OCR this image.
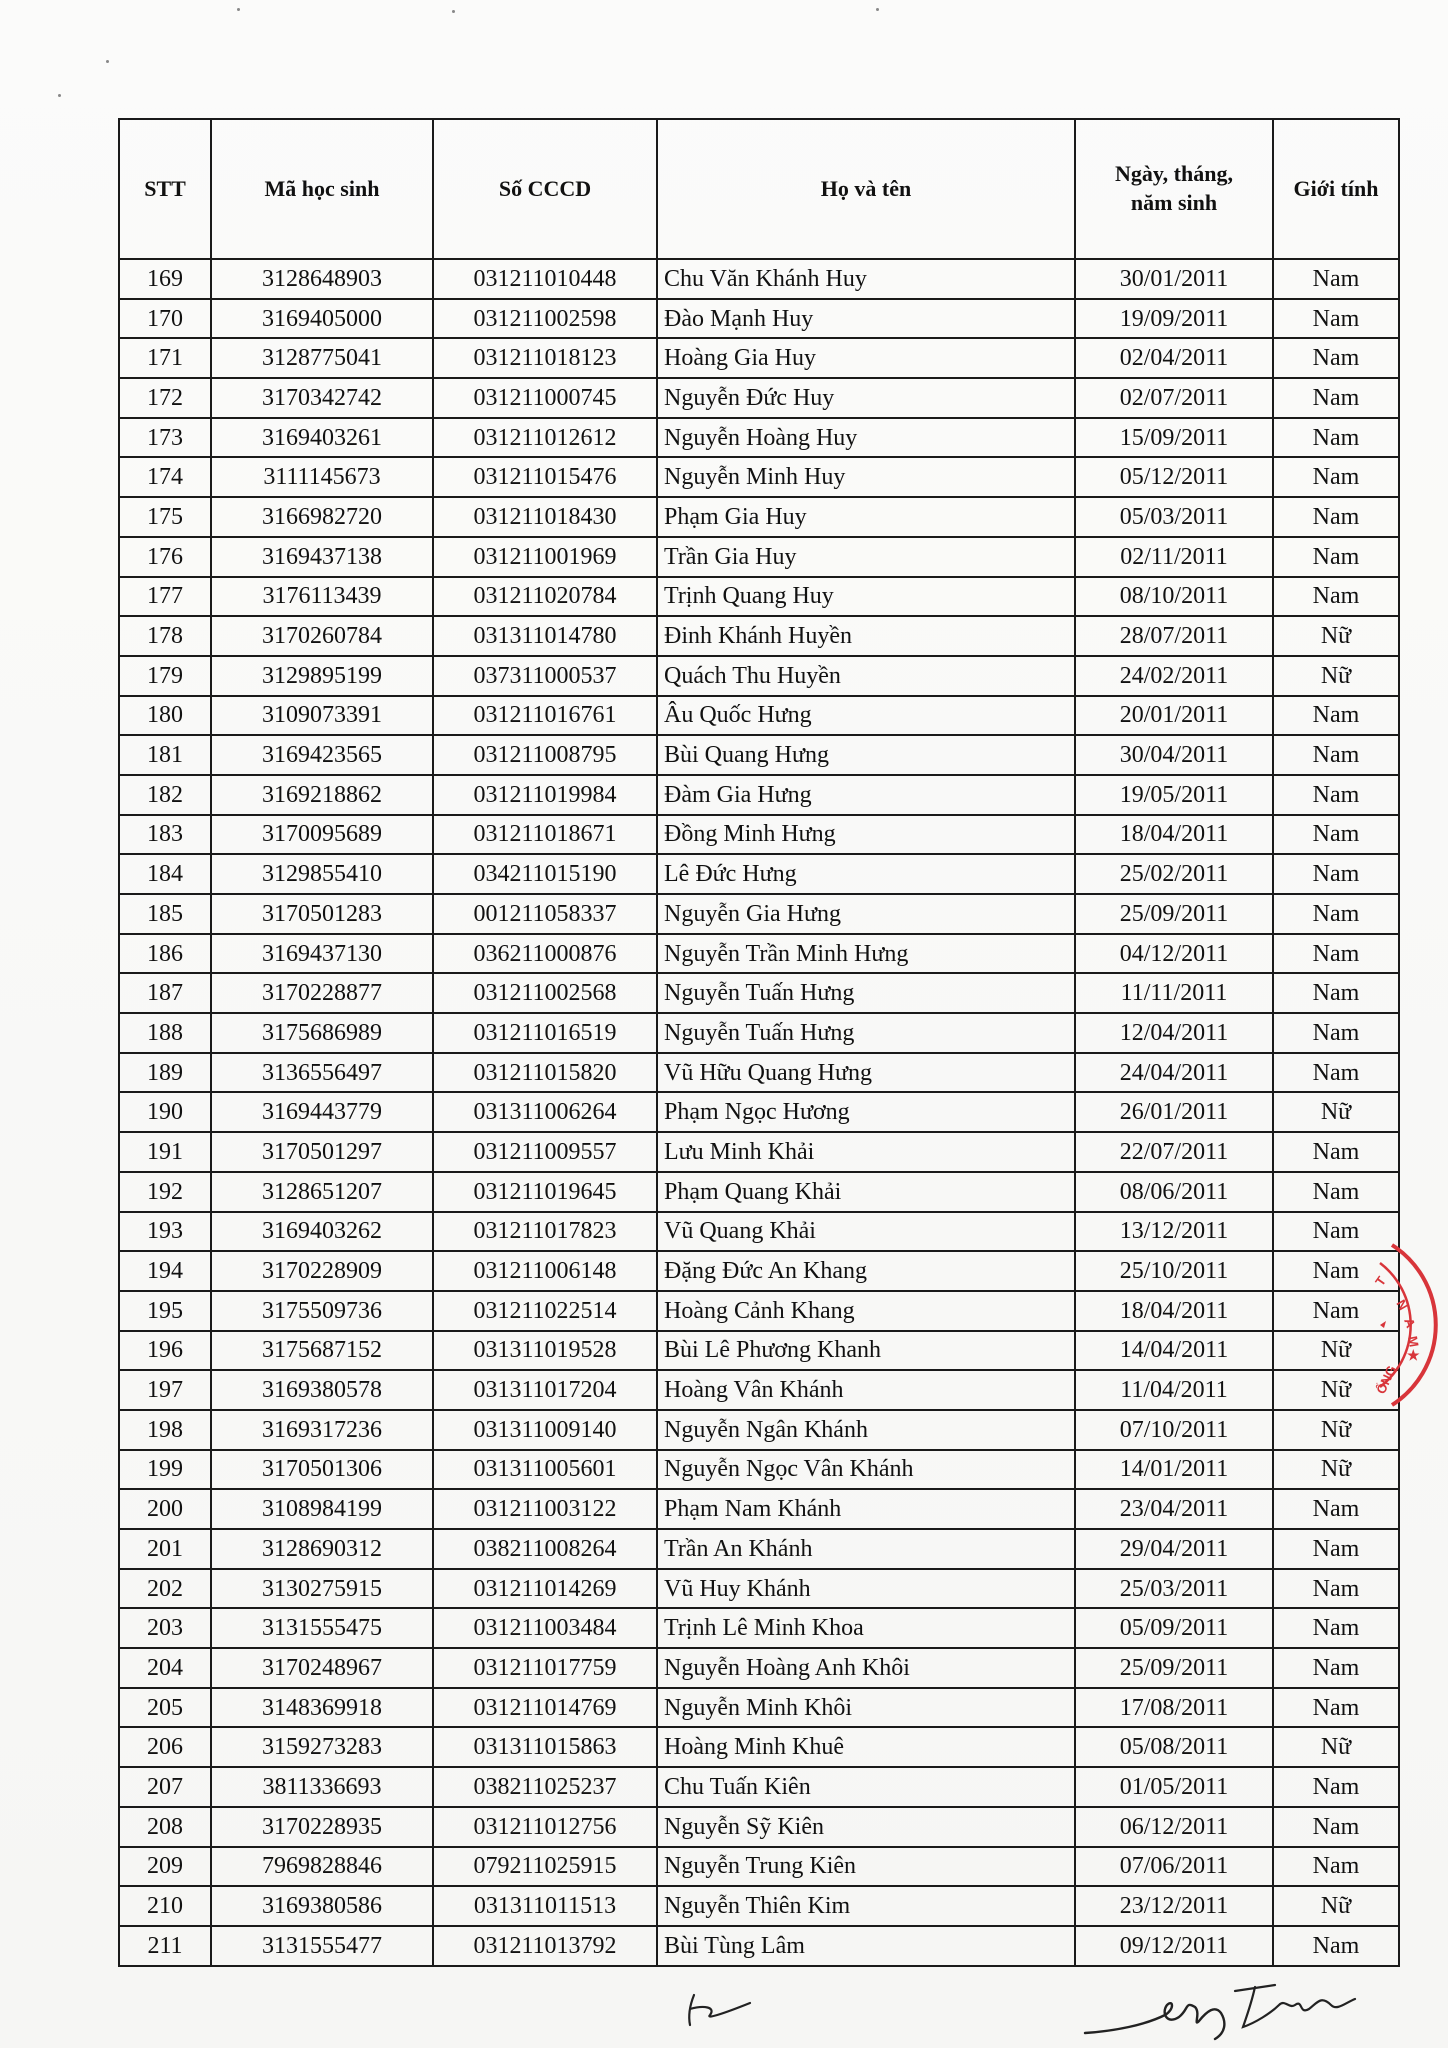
STT	Mã học sinh	Số CCCD	Họ và tên	Ngày, tháng, năm sinh	Giới tính
169	3128648903	031211010448	Chu Văn Khánh Huy	30/01/2011	Nam
170	3169405000	031211002598	Đào Mạnh Huy	19/09/2011	Nam
171	3128775041	031211018123	Hoàng Gia Huy	02/04/2011	Nam
172	3170342742	031211000745	Nguyễn Đức Huy	02/07/2011	Nam
173	3169403261	031211012612	Nguyễn Hoàng Huy	15/09/2011	Nam
174	3111145673	031211015476	Nguyễn Minh Huy	05/12/2011	Nam
175	3166982720	031211018430	Phạm Gia Huy	05/03/2011	Nam
176	3169437138	031211001969	Trần Gia Huy	02/11/2011	Nam
177	3176113439	031211020784	Trịnh Quang Huy	08/10/2011	Nam
178	3170260784	031311014780	Đinh Khánh Huyền	28/07/2011	Nữ
179	3129895199	037311000537	Quách Thu Huyền	24/02/2011	Nữ
180	3109073391	031211016761	Âu Quốc Hưng	20/01/2011	Nam
181	3169423565	031211008795	Bùi Quang Hưng	30/04/2011	Nam
182	3169218862	031211019984	Đàm Gia Hưng	19/05/2011	Nam
183	3170095689	031211018671	Đồng Minh Hưng	18/04/2011	Nam
184	3129855410	034211015190	Lê Đức Hưng	25/02/2011	Nam
185	3170501283	001211058337	Nguyễn Gia Hưng	25/09/2011	Nam
186	3169437130	036211000876	Nguyễn Trần Minh Hưng	04/12/2011	Nam
187	3170228877	031211002568	Nguyễn Tuấn Hưng	11/11/2011	Nam
188	3175686989	031211016519	Nguyễn Tuấn Hưng	12/04/2011	Nam
189	3136556497	031211015820	Vũ Hữu Quang Hưng	24/04/2011	Nam
190	3169443779	031311006264	Phạm Ngọc Hương	26/01/2011	Nữ
191	3170501297	031211009557	Lưu Minh Khải	22/07/2011	Nam
192	3128651207	031211019645	Phạm Quang Khải	08/06/2011	Nam
193	3169403262	031211017823	Vũ Quang Khải	13/12/2011	Nam
194	3170228909	031211006148	Đặng Đức An Khang	25/10/2011	Nam
195	3175509736	031211022514	Hoàng Cảnh Khang	18/04/2011	Nam
196	3175687152	031311019528	Bùi Lê Phương Khanh	14/04/2011	Nữ
197	3169380578	031311017204	Hoàng Vân Khánh	11/04/2011	Nữ
198	3169317236	031311009140	Nguyễn Ngân Khánh	07/10/2011	Nữ
199	3170501306	031311005601	Nguyễn Ngọc Vân Khánh	14/01/2011	Nữ
200	3108984199	031211003122	Phạm Nam Khánh	23/04/2011	Nam
201	3128690312	038211008264	Trần An Khánh	29/04/2011	Nam
202	3130275915	031211014269	Vũ Huy Khánh	25/03/2011	Nam
203	3131555475	031211003484	Trịnh Lê Minh Khoa	05/09/2011	Nam
204	3170248967	031211017759	Nguyễn Hoàng Anh Khôi	25/09/2011	Nam
205	3148369918	031211014769	Nguyễn Minh Khôi	17/08/2011	Nam
206	3159273283	031311015863	Hoàng Minh Khuê	05/08/2011	Nữ
207	3811336693	038211025237	Chu Tuấn Kiên	01/05/2011	Nam
208	3170228935	031211012756	Nguyễn Sỹ Kiên	06/12/2011	Nam
209	7969828846	079211025915	Nguyễn Trung Kiên	07/06/2011	Nam
210	3169380586	031311011513	Nguyễn Thiên Kim	23/12/2011	Nữ
211	3131555477	031211013792	Bùi Tùng Lâm	09/12/2011	Nam
T
N
A
M
★
ỐNG
